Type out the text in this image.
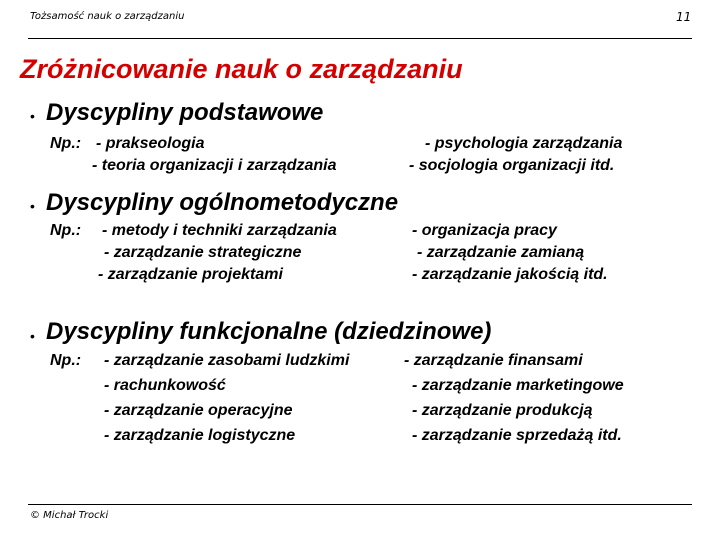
Tożsamość nauk o zarządzaniu	11
Zróżnicowanie nauk o zarządzaniu
• Dyscypliny podstawowe
Np.: - prakseologia
- teoria organizacji i zarządzania
- psychologia zarządzania
- socjologia organizacji itd.
• Dyscypliny ogólnometodyczne
Np.: - metody i techniki zarządzania
- zarządzanie strategiczne
- zarządzanie projektami
- organizacja pracy
- zarządzanie zamianą
- zarządzanie jakością itd.
• Dyscypliny funkcjonalne (dziedzinowe)
Np.: - zarządzanie zasobami ludzkimi
- rachunkowość
- zarządzanie operacyjne
- zarządzanie logistyczne
- zarządzanie finansami
- zarządzanie marketingowe
- zarządzanie produkcją
- zarządzanie sprzedażą itd.
© Michał Trocki
